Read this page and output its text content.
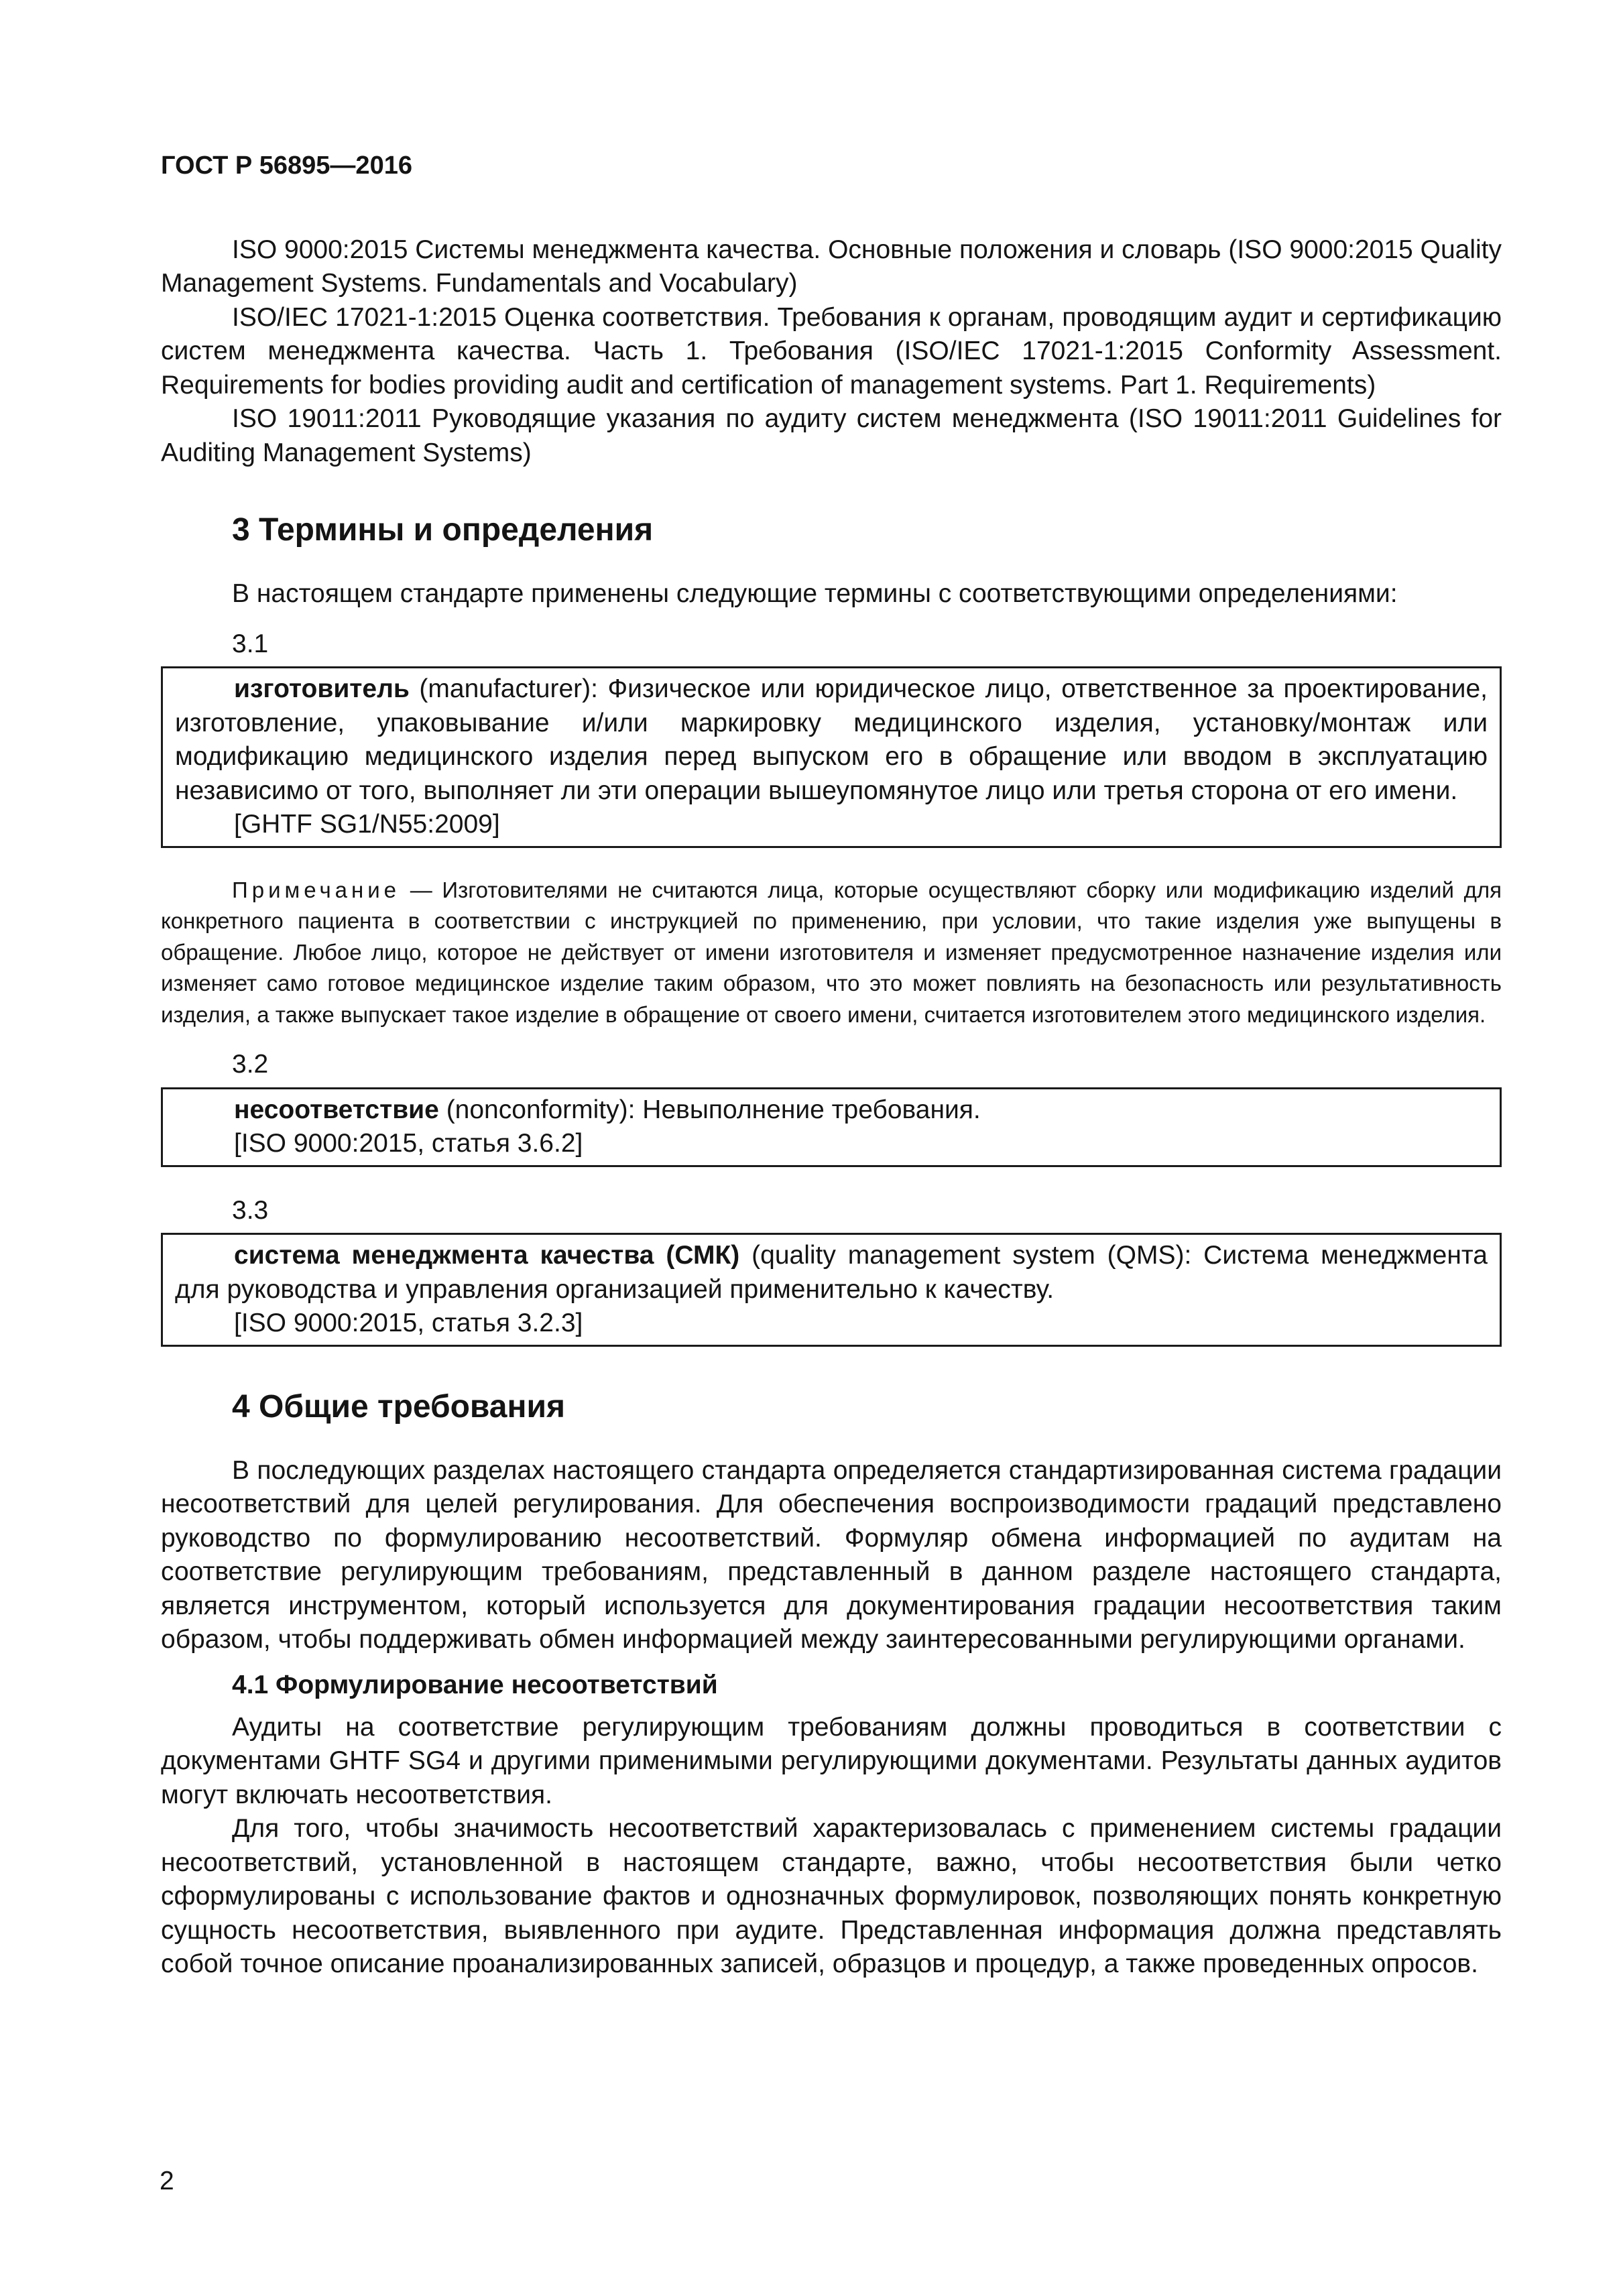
ГОСТ Р 56895—2016

ISO 9000:2015 Системы менеджмента качества. Основные положения и словарь (ISO 9000:2015 Quality Management Systems. Fundamentals and Vocabulary)

ISO/IEC 17021-1:2015 Оценка соответствия. Требования к органам, проводящим аудит и сертификацию систем менеджмента качества. Часть 1. Требования (ISO/IEC 17021-1:2015 Conformity Assessment. Requirements for bodies providing audit and certification of management systems. Part 1. Requirements)

ISO 19011:2011 Руководящие указания по аудиту систем менеджмента (ISO 19011:2011 Guidelines for Auditing Management Systems)

3 Термины и определения

В настоящем стандарте применены следующие термины с соответствующими определениями:

3.1

изготовитель (manufacturer): Физическое или юридическое лицо, ответственное за проектирование, изготовление, упаковывание и/или маркировку медицинского изделия, установку/монтаж или модификацию медицинского изделия перед выпуском его в обращение или вводом в эксплуатацию независимо от того, выполняет ли эти операции вышеупомянутое лицо или третья сторона от его имени.

[GHTF SG1/N55:2009]

Примечание — Изготовителями не считаются лица, которые осуществляют сборку или модификацию изделий для конкретного пациента в соответствии с инструкцией по применению, при условии, что такие изделия уже выпущены в обращение. Любое лицо, которое не действует от имени изготовителя и изменяет предусмотренное назначение изделия или изменяет само готовое медицинское изделие таким образом, что это может повлиять на безопасность или результативность изделия, а также выпускает такое изделие в обращение от своего имени, считается изготовителем этого медицинского изделия.

3.2

несоответствие (nonconformity): Невыполнение требования.

[ISO 9000:2015, статья 3.6.2]

3.3

система менеджмента качества (СМК) (quality management system (QMS): Система менеджмента для руководства и управления организацией применительно к качеству.

[ISO 9000:2015, статья 3.2.3]

4 Общие требования

В последующих разделах настоящего стандарта определяется стандартизированная система градации несоответствий для целей регулирования. Для обеспечения воспроизводимости градаций представлено руководство по формулированию несоответствий. Формуляр обмена информацией по аудитам на соответствие регулирующим требованиям, представленный в данном разделе настоящего стандарта, является инструментом, который используется для документирования градации несоответствия таким образом, чтобы поддерживать обмен информацией между заинтересованными регулирующими органами.

4.1 Формулирование несоответствий

Аудиты на соответствие регулирующим требованиям должны проводиться в соответствии с документами GHTF SG4 и другими применимыми регулирующими документами. Результаты данных аудитов могут включать несоответствия.

Для того, чтобы значимость несоответствий характеризовалась с применением системы градации несоответствий, установленной в настоящем стандарте, важно, чтобы несоответствия были четко сформулированы с использование фактов и однозначных формулировок, позволяющих понять конкретную сущность несоответствия, выявленного при аудите. Представленная информация должна представлять собой точное описание проанализированных записей, образцов и процедур, а также проведенных опросов.

2
